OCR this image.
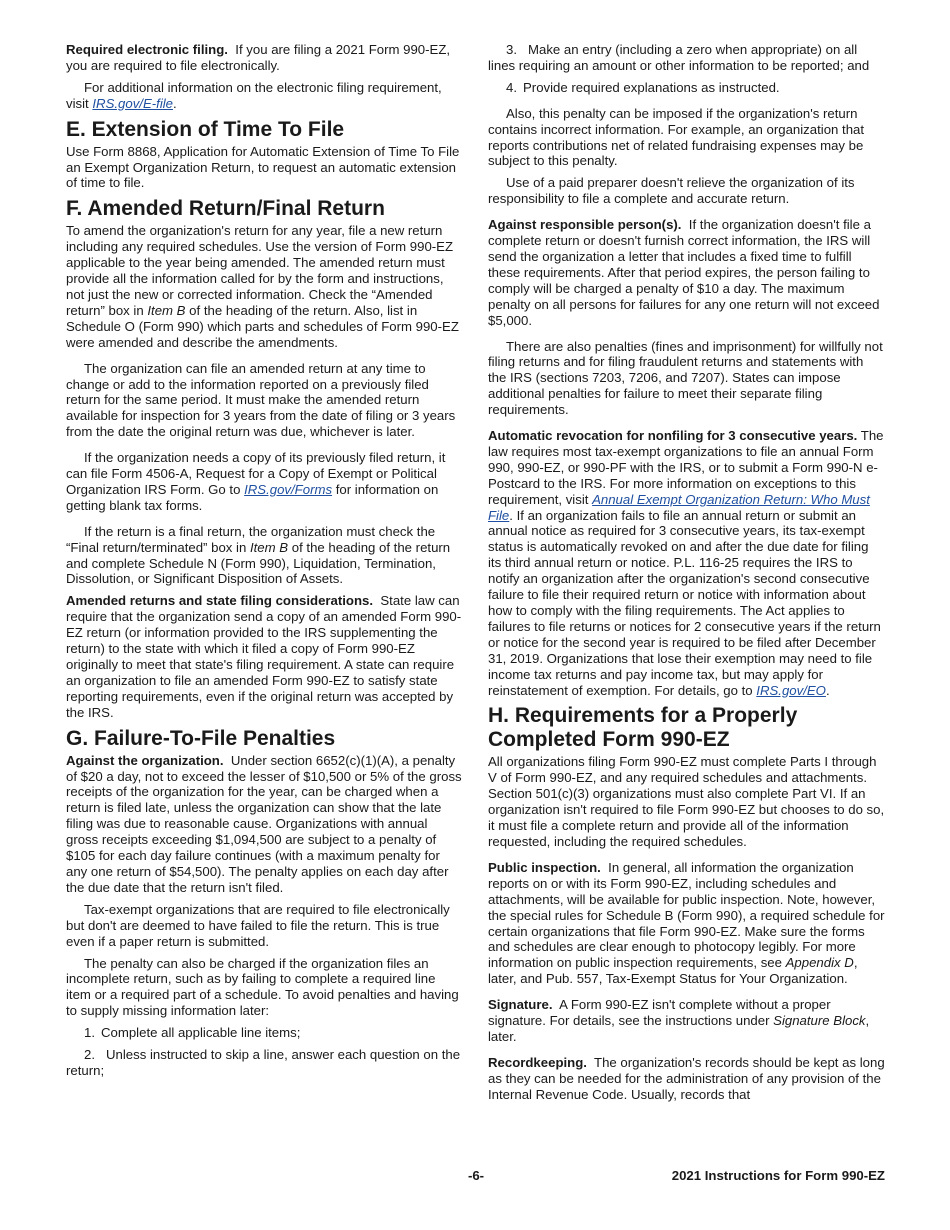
Required electronic filing. If you are filing a 2021 Form 990-EZ, you are required to file electronically.

For additional information on the electronic filing requirement, visit IRS.gov/E-file.

E. Extension of Time To File

Use Form 8868, Application for Automatic Extension of Time To File an Exempt Organization Return, to request an automatic extension of time to file.

F. Amended Return/Final Return

To amend the organization's return for any year, file a new return including any required schedules. Use the version of Form 990-EZ applicable to the year being amended. The amended return must provide all the information called for by the form and instructions, not just the new or corrected information. Check the “Amended return” box in Item B of the heading of the return. Also, list in Schedule O (Form 990) which parts and schedules of Form 990-EZ were amended and describe the amendments.

The organization can file an amended return at any time to change or add to the information reported on a previously filed return for the same period. It must make the amended return available for inspection for 3 years from the date of filing or 3 years from the date the original return was due, whichever is later.

If the organization needs a copy of its previously filed return, it can file Form 4506-A, Request for a Copy of Exempt or Political Organization IRS Form. Go to IRS.gov/Forms for information on getting blank tax forms.

If the return is a final return, the organization must check the “Final return/terminated” box in Item B of the heading of the return and complete Schedule N (Form 990), Liquidation, Termination, Dissolution, or Significant Disposition of Assets.

Amended returns and state filing considerations. State law can require that the organization send a copy of an amended Form 990-EZ return (or information provided to the IRS supplementing the return) to the state with which it filed a copy of Form 990-EZ originally to meet that state's filing requirement. A state can require an organization to file an amended Form 990-EZ to satisfy state reporting requirements, even if the original return was accepted by the IRS.

G. Failure-To-File Penalties

Against the organization. Under section 6652(c)(1)(A), a penalty of $20 a day, not to exceed the lesser of $10,500 or 5% of the gross receipts of the organization for the year, can be charged when a return is filed late, unless the organization can show that the late filing was due to reasonable cause. Organizations with annual gross receipts exceeding $1,094,500 are subject to a penalty of $105 for each day failure continues (with a maximum penalty for any one return of $54,500). The penalty applies on each day after the due date that the return isn't filed.

Tax-exempt organizations that are required to file electronically but don't are deemed to have failed to file the return. This is true even if a paper return is submitted.

The penalty can also be charged if the organization files an incomplete return, such as by failing to complete a required line item or a required part of a schedule. To avoid penalties and having to supply missing information later:

1. Complete all applicable line items;

2. Unless instructed to skip a line, answer each question on the return;

3. Make an entry (including a zero when appropriate) on all lines requiring an amount or other information to be reported; and

4. Provide required explanations as instructed.

Also, this penalty can be imposed if the organization's return contains incorrect information. For example, an organization that reports contributions net of related fundraising expenses may be subject to this penalty.

Use of a paid preparer doesn't relieve the organization of its responsibility to file a complete and accurate return.

Against responsible person(s). If the organization doesn't file a complete return or doesn't furnish correct information, the IRS will send the organization a letter that includes a fixed time to fulfill these requirements. After that period expires, the person failing to comply will be charged a penalty of $10 a day. The maximum penalty on all persons for failures for any one return will not exceed $5,000.

There are also penalties (fines and imprisonment) for willfully not filing returns and for filing fraudulent returns and statements with the IRS (sections 7203, 7206, and 7207). States can impose additional penalties for failure to meet their separate filing requirements.

Automatic revocation for nonfiling for 3 consecutive years. The law requires most tax-exempt organizations to file an annual Form 990, 990-EZ, or 990-PF with the IRS, or to submit a Form 990-N e-Postcard to the IRS. For more information on exceptions to this requirement, visit Annual Exempt Organization Return: Who Must File. If an organization fails to file an annual return or submit an annual notice as required for 3 consecutive years, its tax-exempt status is automatically revoked on and after the due date for filing its third annual return or notice. P.L. 116-25 requires the IRS to notify an organization after the organization's second consecutive failure to file their required return or notice with information about how to comply with the filing requirements. The Act applies to failures to file returns or notices for 2 consecutive years if the return or notice for the second year is required to be filed after December 31, 2019. Organizations that lose their exemption may need to file income tax returns and pay income tax, but may apply for reinstatement of exemption. For details, go to IRS.gov/EO.

H. Requirements for a Properly Completed Form 990-EZ

All organizations filing Form 990-EZ must complete Parts I through V of Form 990-EZ, and any required schedules and attachments. Section 501(c)(3) organizations must also complete Part VI. If an organization isn't required to file Form 990-EZ but chooses to do so, it must file a complete return and provide all of the information requested, including the required schedules.

Public inspection. In general, all information the organization reports on or with its Form 990-EZ, including schedules and attachments, will be available for public inspection. Note, however, the special rules for Schedule B (Form 990), a required schedule for certain organizations that file Form 990-EZ. Make sure the forms and schedules are clear enough to photocopy legibly. For more information on public inspection requirements, see Appendix D, later, and Pub. 557, Tax-Exempt Status for Your Organization.

Signature. A Form 990-EZ isn't complete without a proper signature. For details, see the instructions under Signature Block, later.

Recordkeeping. The organization's records should be kept as long as they can be needed for the administration of any provision of the Internal Revenue Code. Usually, records that

-6-	2021 Instructions for Form 990-EZ
